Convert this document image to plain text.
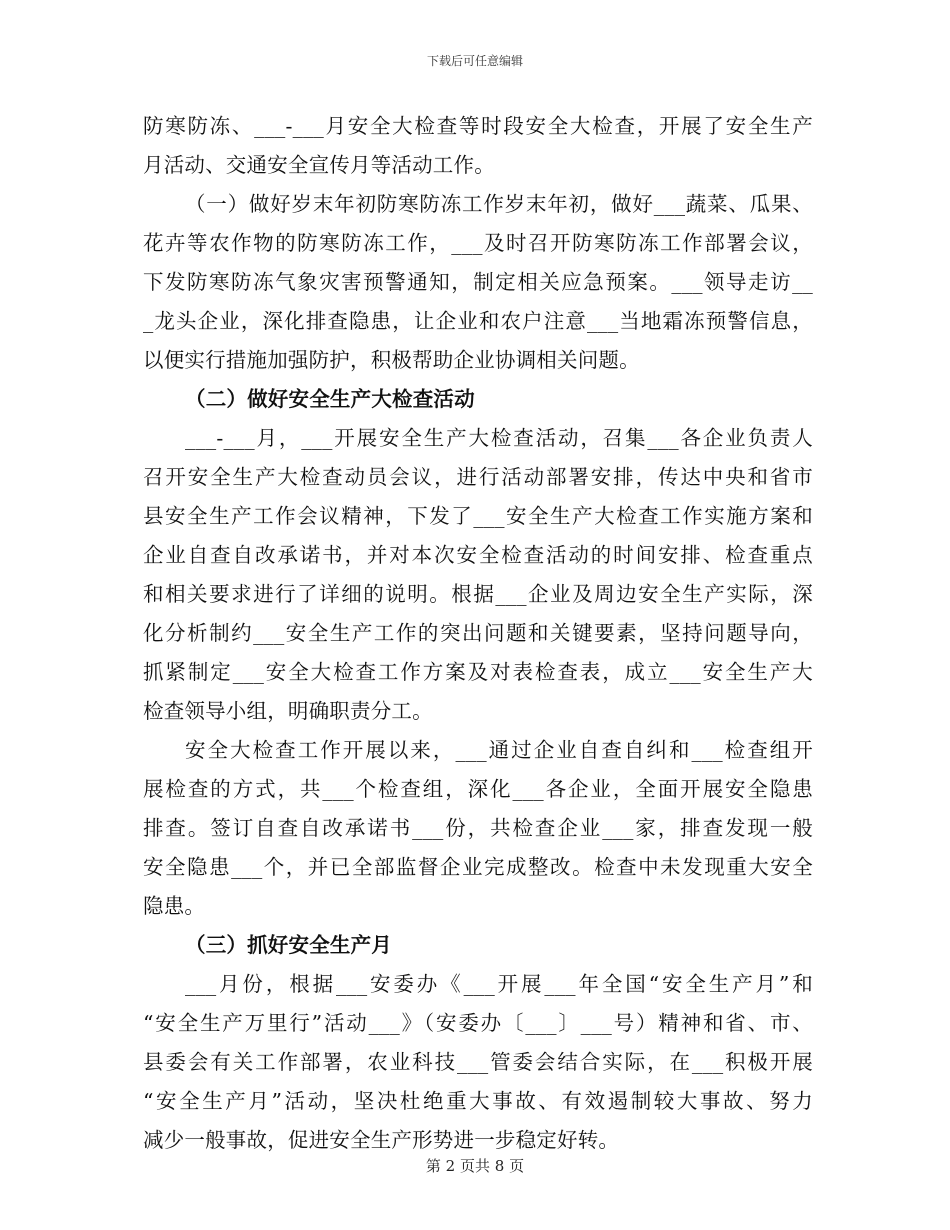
下载后可任意编辑
防寒防冻、___-___月安全大检查等时段安全大检查，开展了安全生产
月活动、交通安全宣传月等活动工作。
（一）做好岁末年初防寒防冻工作岁末年初，做好___蔬菜、瓜果、
花卉等农作物的防寒防冻工作，___及时召开防寒防冻工作部署会议，
下发防寒防冻气象灾害预警通知，制定相关应急预案。___领导走访__
_龙头企业，深化排查隐患，让企业和农户注意___当地霜冻预警信息，
以便实行措施加强防护，积极帮助企业协调相关问题。
（二）做好安全生产大检查活动
___-___月，___开展安全生产大检查活动，召集___各企业负责人
召开安全生产大检查动员会议，进行活动部署安排，传达中央和省市
县安全生产工作会议精神，下发了___安全生产大检查工作实施方案和
企业自查自改承诺书，并对本次安全检查活动的时间安排、检查重点
和相关要求进行了详细的说明。根据___企业及周边安全生产实际，深
化分析制约___安全生产工作的突出问题和关键要素，坚持问题导向，
抓紧制定___安全大检查工作方案及对表检查表，成立___安全生产大
检查领导小组，明确职责分工。
安全大检查工作开展以来，___通过企业自查自纠和___检查组开
展检查的方式，共___个检查组，深化___各企业，全面开展安全隐患
排查。签订自查自改承诺书___份，共检查企业___家，排查发现一般
安全隐患___个，并已全部监督企业完成整改。检查中未发现重大安全
隐患。
（三）抓好安全生产月
___月份，根据___安委办《___开展___年全国“安全生产月”和
“安全生产万里行”活动___》（安委办〔___〕___号）精神和省、市、
县委会有关工作部署，农业科技___管委会结合实际，在___积极开展
“安全生产月”活动，坚决杜绝重大事故、有效遏制较大事故、努力
减少一般事故，促进安全生产形势进一步稳定好转。
第 2 页共 8 页
